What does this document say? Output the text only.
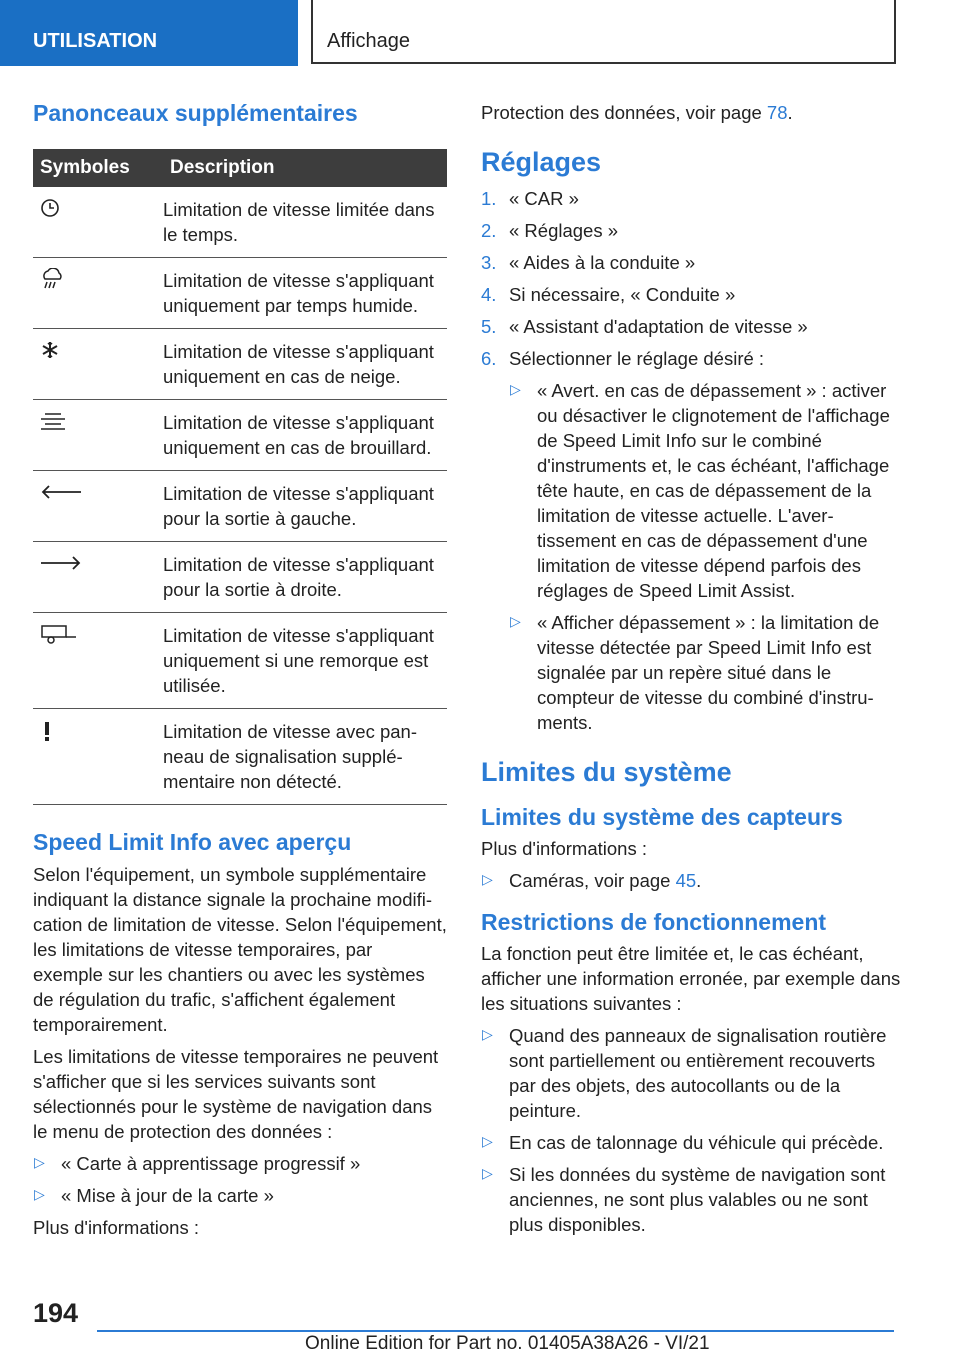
UTILISATION	Affichage
Panonceaux supplémentaires
Symboles	Description

	Limitation de vitesse limitée dans le temps.

	Limitation de vitesse s'appliquant uniquement par temps humide.

	Limitation de vitesse s'appliquant uniquement en cas de neige.

	Limitation de vitesse s'appliquant uniquement en cas de brouillard.

	Limitation de vitesse s'appliquant pour la sortie à gauche.

	Limitation de vitesse s'appliquant pour la sortie à droite.

	Limitation de vitesse s'appliquant uniquement si une remorque est utilisée.

	Limitation de vitesse avec panneau de signalisation supplémentaire non détecté.
Speed Limit Info avec aperçu

Selon l'équipement, un symbole supplémentaire indiquant la distance signale la prochaine modification de limitation de vitesse. Selon l'équipement, les limitations de vitesse temporaires, par exemple sur les chantiers ou avec les systèmes de régulation du trafic, s'affichent également temporairement.

Les limitations de vitesse temporaires ne peuvent s'afficher que si les services suivants sont sélectionnés pour le système de navigation dans le menu de protection des données :

▷ « Carte à apprentissage progressif »
▷ « Mise à jour de la carte »

Plus d'informations :

Protection des données, voir page 78.

Réglages
1. « CAR »
2. « Réglages »
3. « Aides à la conduite »
4. Si nécessaire, « Conduite »
5. « Assistant d'adaptation de vitesse »
6. Sélectionner le réglage désiré :
▷ « Avert. en cas de dépassement » : activer ou désactiver le clignotement de l'affichage de Speed Limit Info sur le combiné d'instruments et, le cas échéant, l'affichage tête haute, en cas de dépassement de la limitation de vitesse actuelle. L'avertissement en cas de dépassement d'une limitation de vitesse dépend parfois des réglages de Speed Limit Assist.
▷ « Afficher dépassement » : la limitation de vitesse détectée par Speed Limit Info est signalée par un repère situé dans le compteur de vitesse du combiné d'instruments.
Limites du système
Limites du système des capteurs

Plus d'informations :

▷ Caméras, voir page 45.
Restrictions de fonctionnement

La fonction peut être limitée et, le cas échéant, afficher une information erronée, par exemple dans les situations suivantes :

▷ Quand des panneaux de signalisation routière sont partiellement ou entièrement recouverts par des objets, des autocollants ou de la peinture.
▷ En cas de talonnage du véhicule qui précède.
▷ Si les données du système de navigation sont anciennes, ne sont plus valables ou ne sont plus disponibles.
194
Online Edition for Part no. 01405A38A26 - VI/21
